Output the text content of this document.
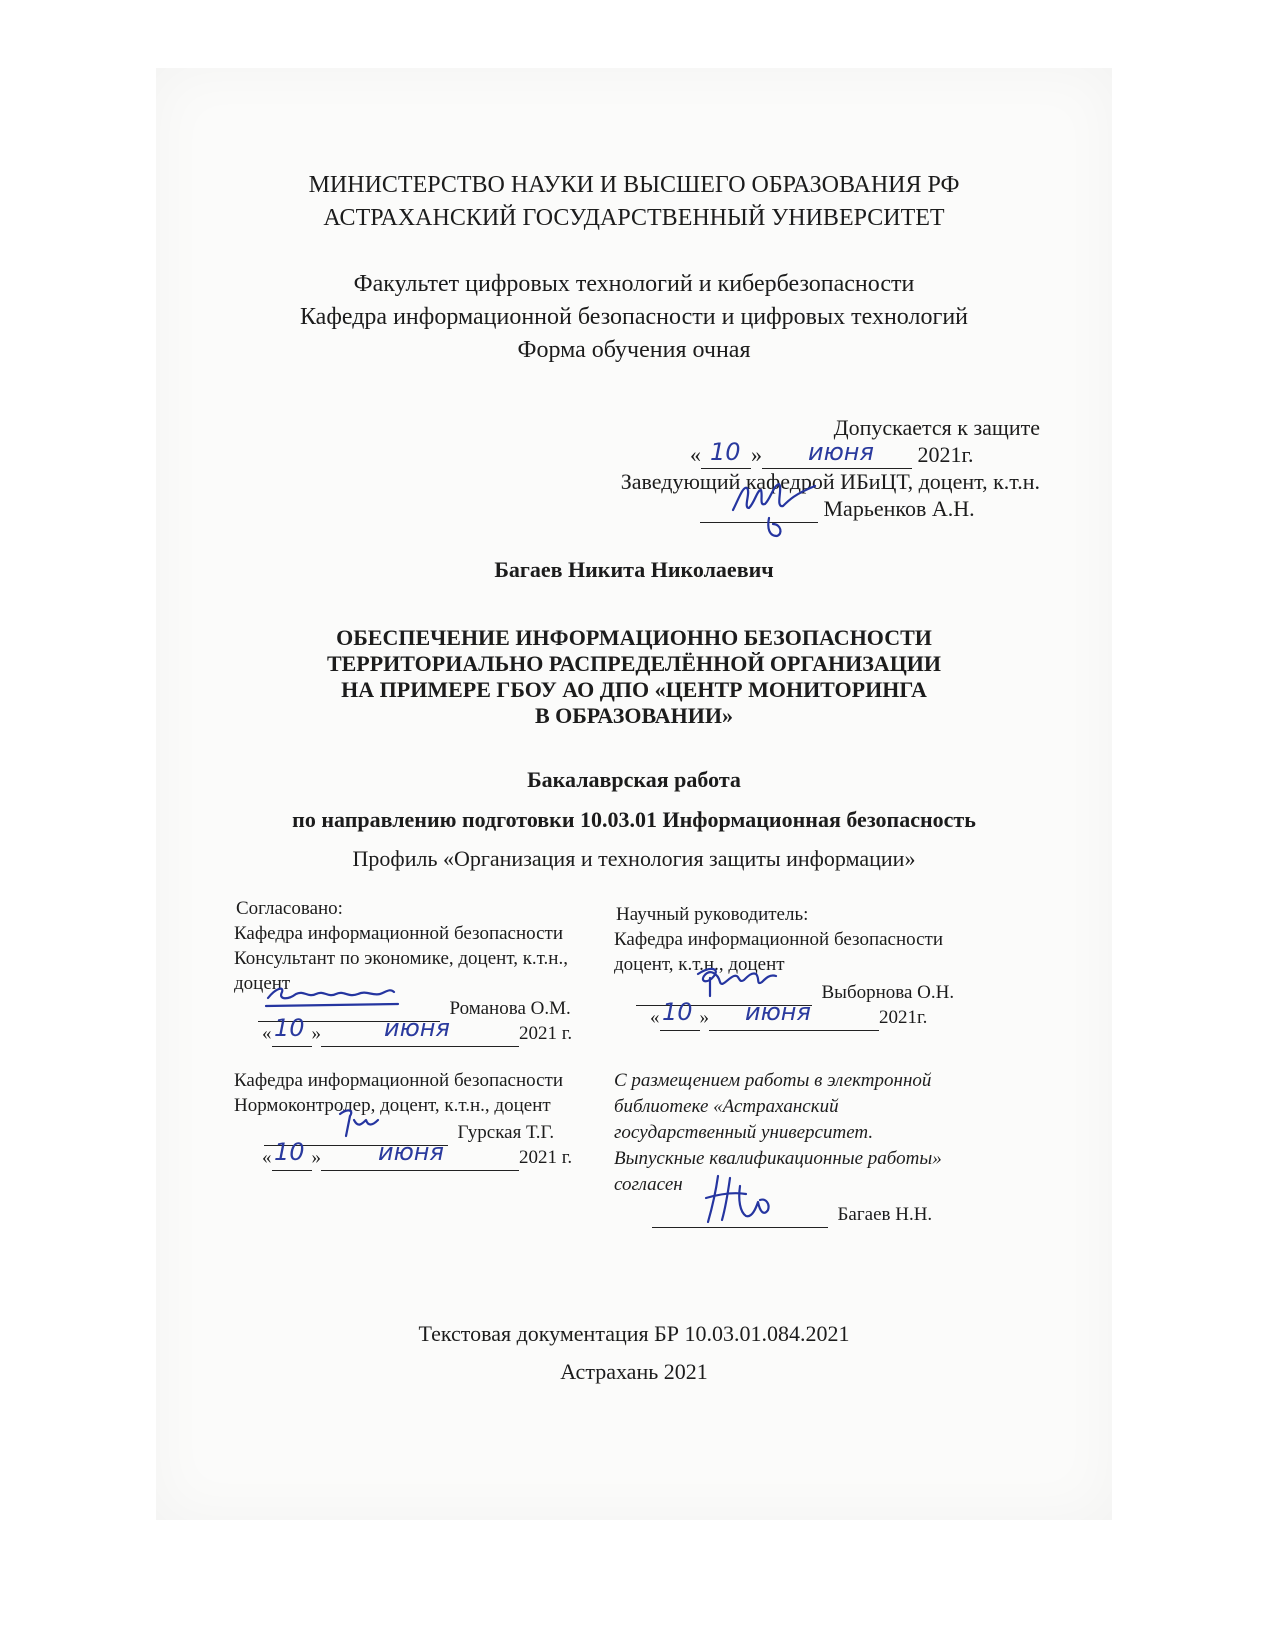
МИНИСТЕРСТВО НАУКИ И ВЫСШЕГО ОБРАЗОВАНИЯ РФ
АСТРАХАНСКИЙ ГОСУДАРСТВЕННЫЙ УНИВЕРСИТЕТ
Факультет цифровых технологий и кибербезопасности
Кафедра информационной безопасности и цифровых технологий
Форма обучения очная
Допускается к защите
« »	2021г.
10	июня
Заведующий кафедрой ИБиЦТ, доцент, к.т.н.
Марьенков А.Н.
Багаев Никита Николаевич
ОБЕСПЕЧЕНИЕ ИНФОРМАЦИОННО БЕЗОПАСНОСТИ
ТЕРРИТОРИАЛЬНО РАСПРЕДЕЛЁННОЙ ОРГАНИЗАЦИИ
НА ПРИМЕРЕ ГБОУ АО ДПО «ЦЕНТР МОНИТОРИНГА
В ОБРАЗОВАНИИ»
Бакалаврская работа
по направлению подготовки 10.03.01 Информационная безопасность
Профиль «Организация и технология защиты информации»
Согласовано:
Кафедра информационной безопасности
Консультант по экономике, доцент, к.т.н.,
доцент
Романова О.М.
« »	2021 г.
10	июня
Научный руководитель:
Кафедра информационной безопасности
доцент, к.т.н., доцент
Выборнова О.Н.
« »	2021г.
10 июня
Кафедра информационной безопасности
Нормоконтролер, доцент, к.т.н., доцент
Гурская Т.Г.
« »	2021 г.
10	июня
С размещением работы в электронной
библиотеке «Астраханский
государственный университет.
Выпускные квалификационные работы»
согласен
Багаев Н.Н.
Текстовая документация БР 10.03.01.084.2021
Астрахань 2021
